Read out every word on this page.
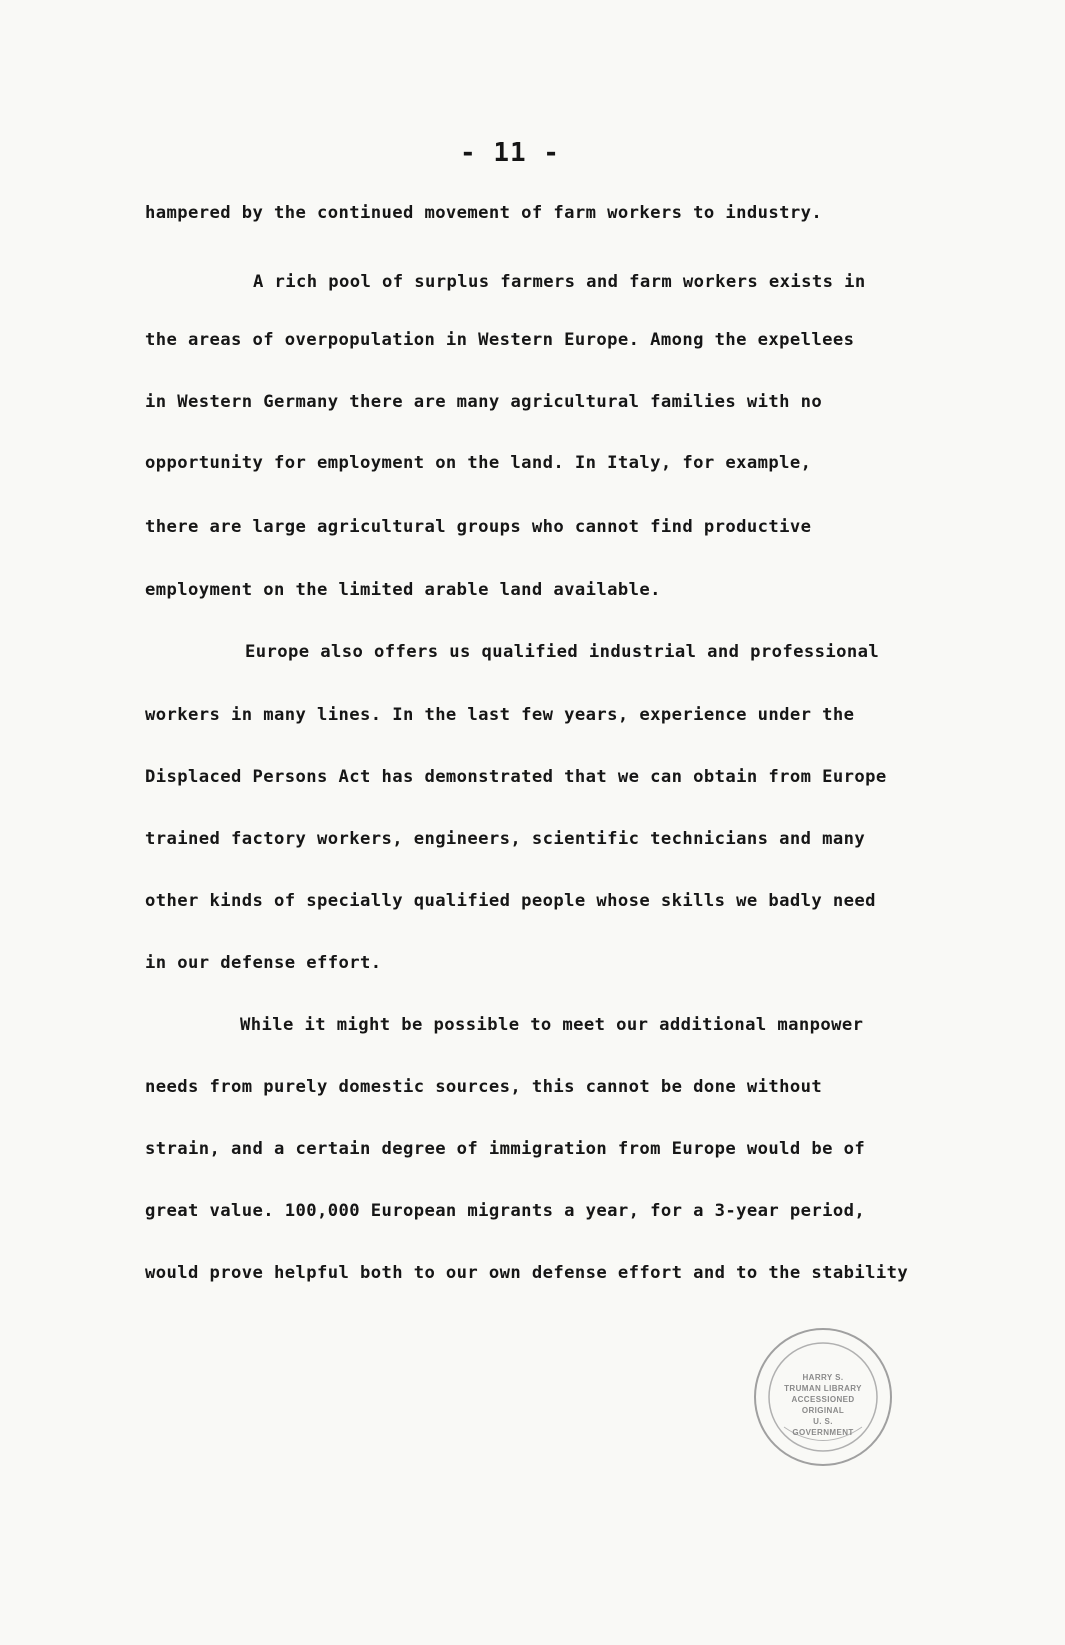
- 11 -
hampered by the continued movement of farm workers to industry.
A rich pool of surplus farmers and farm workers exists in
the areas of overpopulation in Western Europe. Among the expellees
in Western Germany there are many agricultural families with no
opportunity for employment on the land. In Italy, for example,
there are large agricultural groups who cannot find productive
employment on the limited arable land available.
Europe also offers us qualified industrial and professional
workers in many lines. In the last few years, experience under the
Displaced Persons Act has demonstrated that we can obtain from Europe
trained factory workers, engineers, scientific technicians and many
other kinds of specially qualified people whose skills we badly need
in our defense effort.
While it might be possible to meet our additional manpower
needs from purely domestic sources, this cannot be done without
strain, and a certain degree of immigration from Europe would be of
great value. 100,000 European migrants a year, for a 3-year period,
would prove helpful both to our own defense effort and to the stability
HARRY S. TRUMAN LIBRARY
ACCESSIONED
ORIGINAL
U. S. GOVERNMENT
